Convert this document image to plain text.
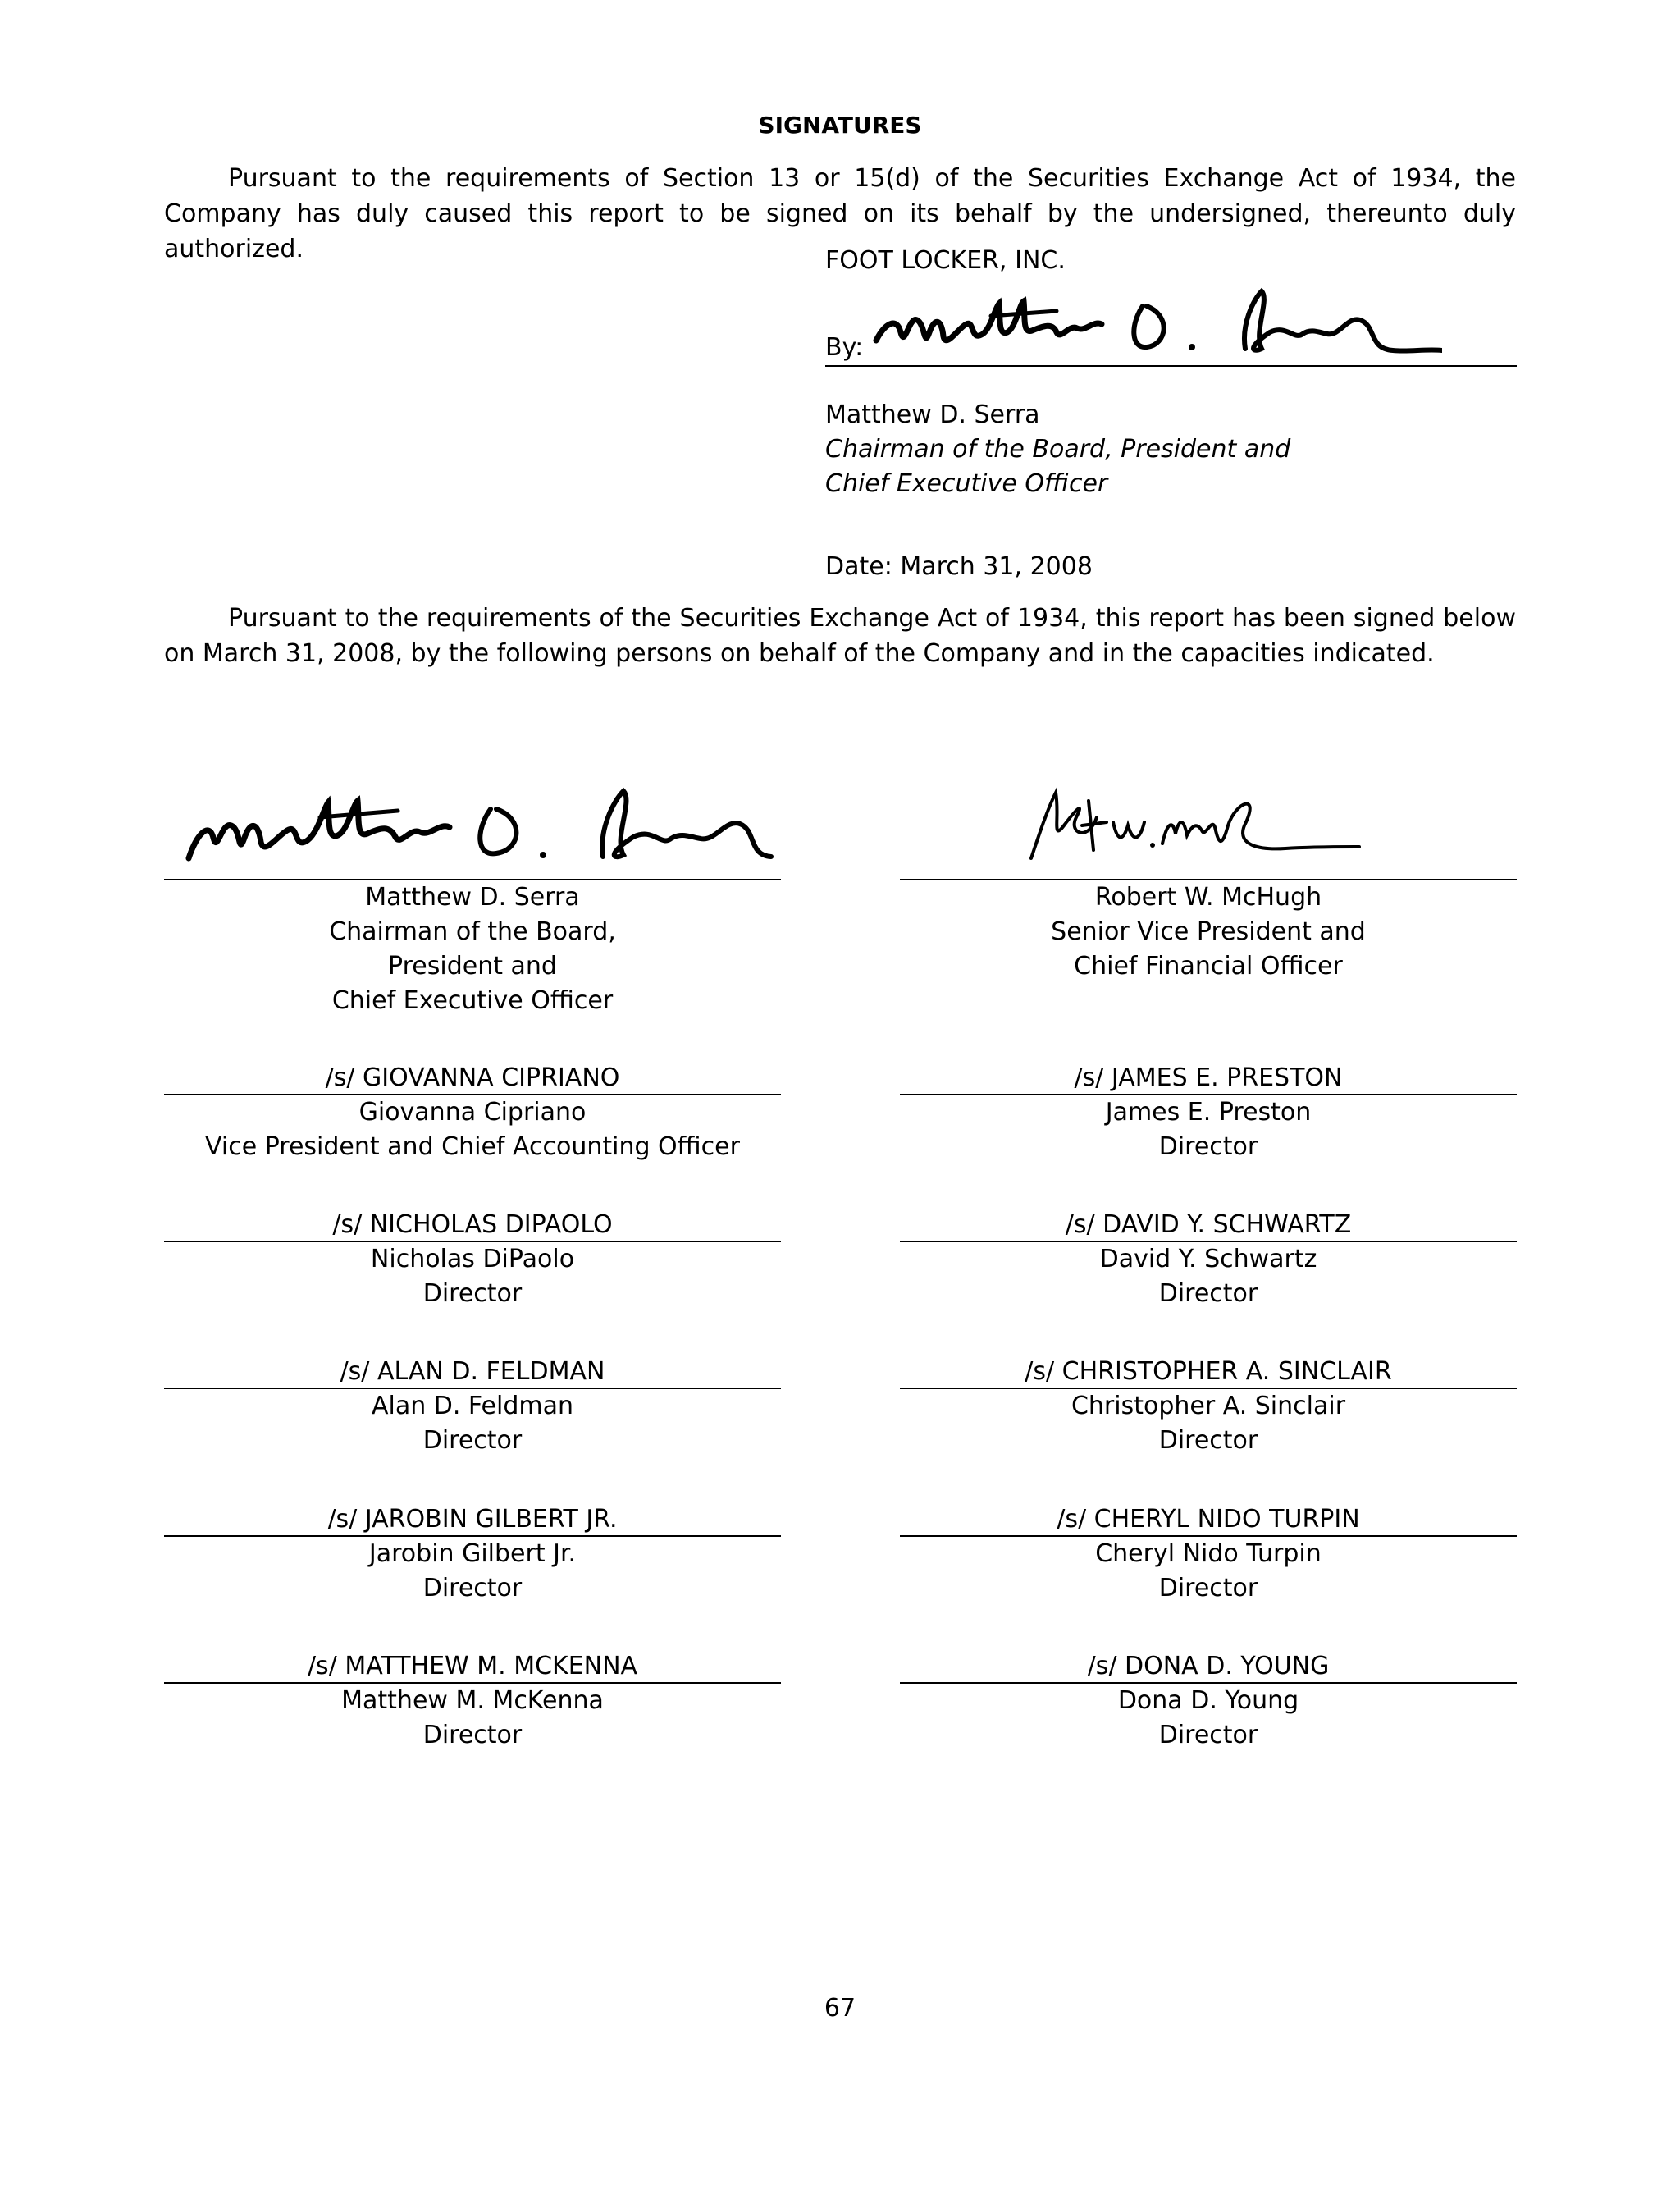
SIGNATURES

Pursuant to the requirements of Section 13 or 15(d) of the Securities Exchange Act of 1934, the Company has duly caused this report to be signed on its behalf by the undersigned, thereunto duly authorized.	FOOT LOCKER, INC.
By:
Matthew D. Serra
Chairman of the Board, President and
Chief Executive Officer
Date: March 31, 2008

Pursuant to the requirements of the Securities Exchange Act of 1934, this report has been signed below on March 31, 2008, by the following persons on behalf of the Company and in the capacities indicated.

Matthew D. Serra
Chairman of the Board,
President and
Chief Executive Officer
Robert W. McHugh
Senior Vice President and
Chief Financial Officer
/s/ GIOVANNA CIPRIANO
Giovanna Cipriano
Vice President and Chief Accounting Officer
/s/ JAMES E. PRESTON
James E. Preston
Director
/s/ NICHOLAS DIPAOLO
Nicholas DiPaolo
Director
/s/ DAVID Y. SCHWARTZ
David Y. Schwartz
Director
/s/ ALAN D. FELDMAN
Alan D. Feldman
Director
/s/ CHRISTOPHER A. SINCLAIR
Christopher A. Sinclair
Director
/s/ JAROBIN GILBERT JR.
Jarobin Gilbert Jr.
Director
/s/ CHERYL NIDO TURPIN
Cheryl Nido Turpin
Director
/s/ MATTHEW M. MCKENNA
Matthew M. McKenna
Director
/s/ DONA D. YOUNG
Dona D. Young
Director
67
